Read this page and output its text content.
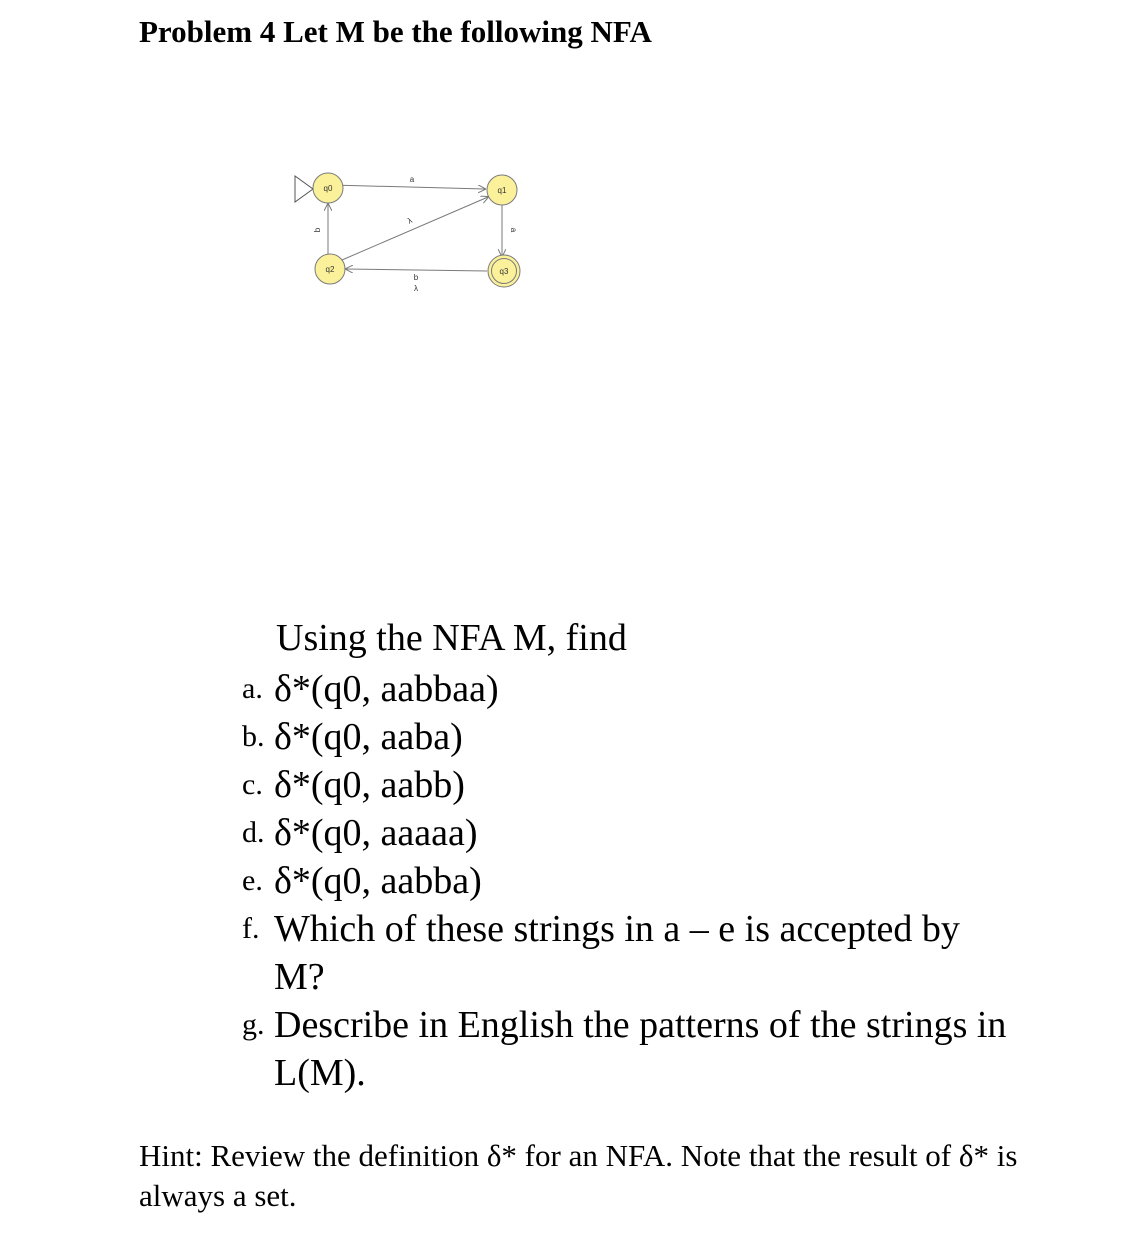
Problem 4 Let M be the following NFA
a
a
b
λ
b
λ
q0	q1
q2	q3
Using the NFA M, find
a. δ*(q0, aabbaa)
b. δ*(q0, aaba)
c. δ*(q0, aabb)
d. δ*(q0, aaaaa)
e. δ*(q0, aabba)
f. Which of these strings in a – e is accepted by M?
g. Describe in English the patterns of the strings in L(M).
Hint: Review the definition δ* for an NFA. Note that the result of δ* is always a set.
